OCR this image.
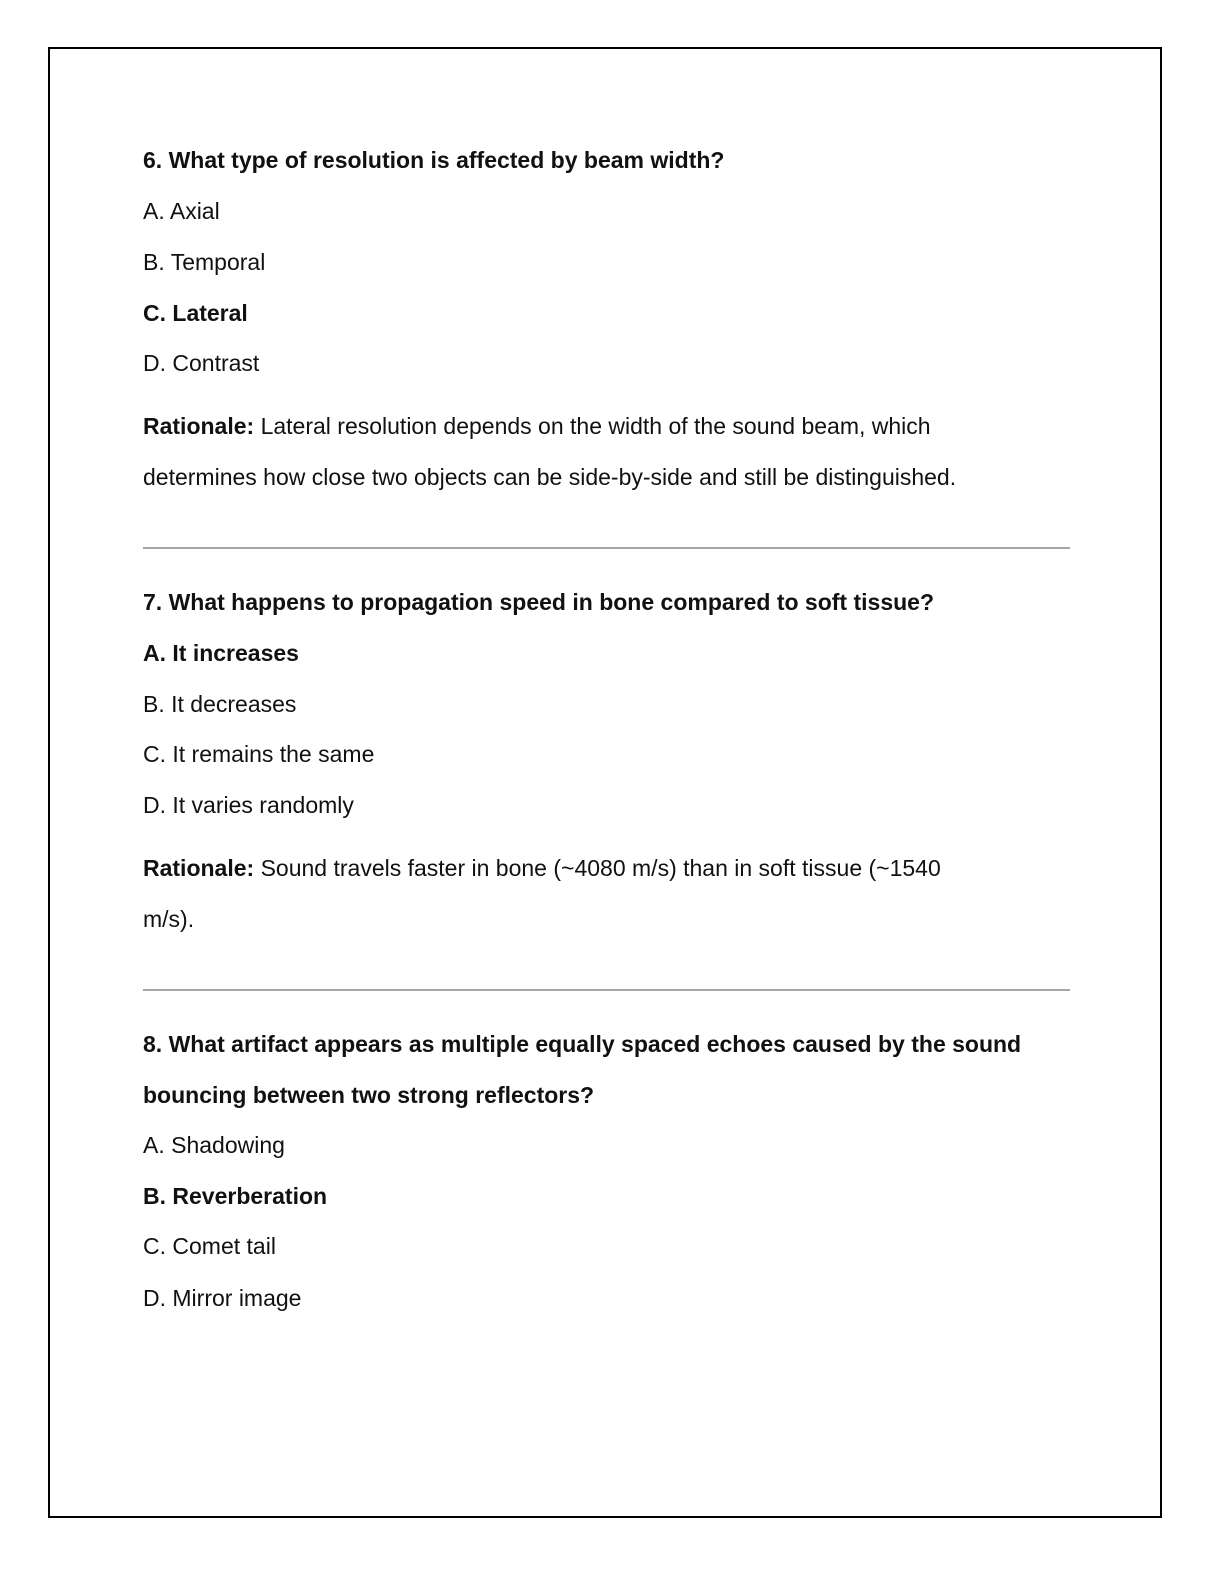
6. What type of resolution is affected by beam width?
A. Axial
B. Temporal
C. Lateral
D. Contrast
Rationale: Lateral resolution depends on the width of the sound beam, which
determines how close two objects can be side-by-side and still be distinguished.
7. What happens to propagation speed in bone compared to soft tissue?
A. It increases
B. It decreases
C. It remains the same
D. It varies randomly
Rationale: Sound travels faster in bone (~4080 m/s) than in soft tissue (~1540
m/s).
8. What artifact appears as multiple equally spaced echoes caused by the sound
bouncing between two strong reflectors?
A. Shadowing
B. Reverberation
C. Comet tail
D. Mirror image
